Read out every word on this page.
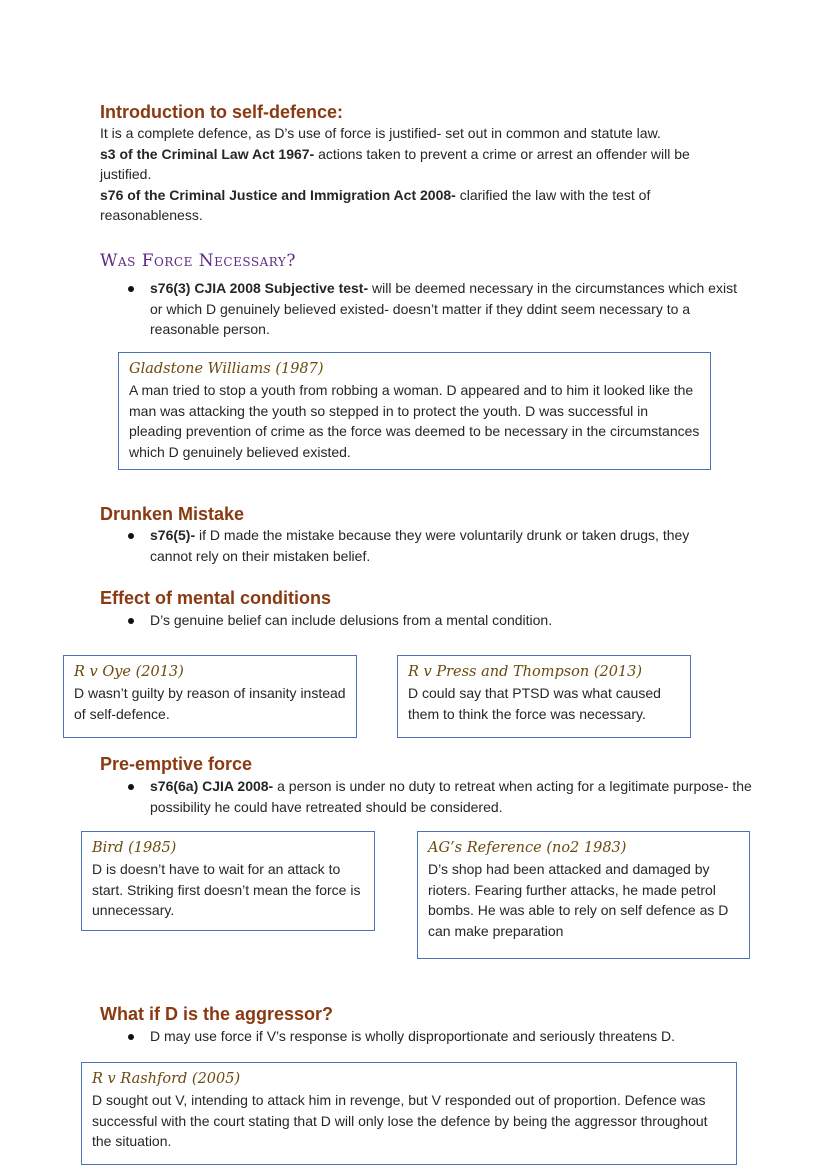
Introduction to self-defence:
It is a complete defence, as D’s use of force is justified- set out in common and statute law.
s3 of the Criminal Law Act 1967- actions taken to prevent a crime or arrest an offender will be justified.
s76 of the Criminal Justice and Immigration Act 2008- clarified the law with the test of reasonableness.
Was Force Necessary?
s76(3) CJIA 2008 Subjective test- will be deemed necessary in the circumstances which exist or which D genuinely believed existed- doesn’t matter if they ddint seem necessary to a reasonable person.
Gladstone Williams (1987)
A man tried to stop a youth from robbing a woman. D appeared and to him it looked like the man was attacking the youth so stepped in to protect the youth. D was successful in pleading prevention of crime as the force was deemed to be necessary in the circumstances which D genuinely believed existed.
Drunken Mistake
s76(5)- if D made the mistake because they were voluntarily drunk or taken drugs, they cannot rely on their mistaken belief.
Effect of mental conditions
D’s genuine belief can include delusions from a mental condition.
R v Oye (2013)
D wasn’t guilty by reason of insanity instead of self-defence.
R v Press and Thompson (2013)
D could say that PTSD was what caused them to think the force was necessary.
Pre-emptive force
s76(6a) CJIA 2008- a person is under no duty to retreat when acting for a legitimate purpose- the possibility he could have retreated should be considered.
Bird (1985)
D is doesn’t have to wait for an attack to start. Striking first doesn’t mean the force is unnecessary.
AG’s Reference (no2 1983)
D’s shop had been attacked and damaged by rioters. Fearing further attacks, he made petrol bombs. He was able to rely on self defence as D can make preparation
What if D is the aggressor?
D may use force if V’s response is wholly disproportionate and seriously threatens D.
R v Rashford (2005)
D sought out V, intending to attack him in revenge, but V responded out of proportion. Defence was successful with the court stating that D will only lose the defence by being the aggressor throughout the situation.
